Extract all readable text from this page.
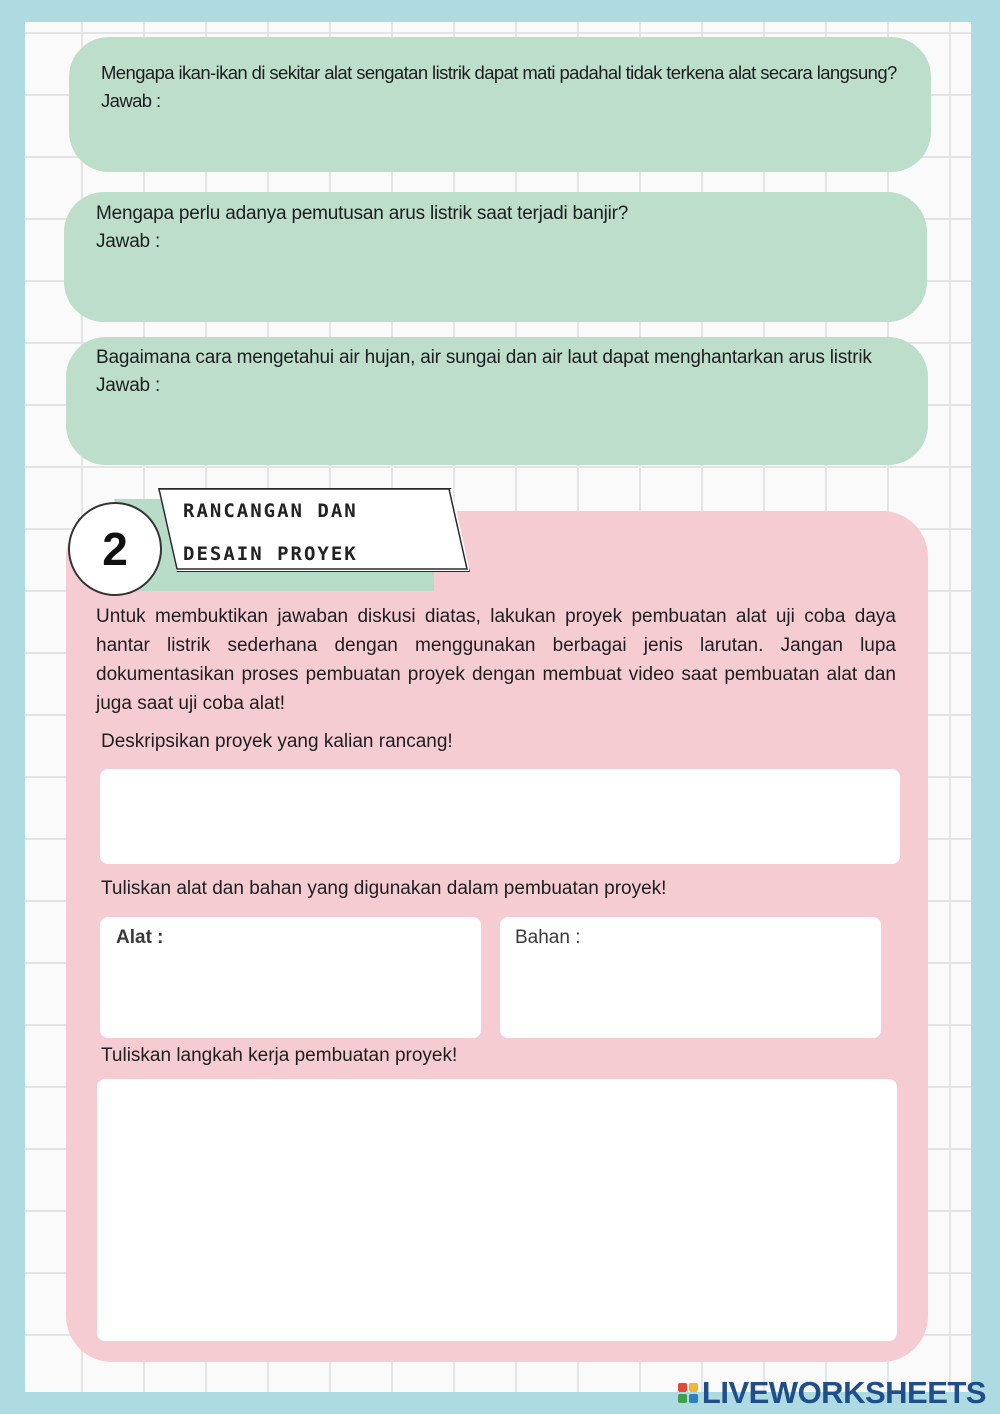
Mengapa ikan-ikan di sekitar alat sengatan listrik dapat mati padahal tidak terkena alat secara langsung?
Jawab :
Mengapa perlu adanya pemutusan arus listrik saat terjadi banjir?
Jawab :
Bagaimana cara mengetahui air hujan, air sungai dan air laut dapat menghantarkan arus listrik
Jawab :
RANCANGAN DAN
DESAIN PROYEK
2
Untuk membuktikan jawaban diskusi diatas, lakukan proyek pembuatan alat uji coba daya hantar listrik sederhana dengan menggunakan berbagai jenis larutan. Jangan lupa dokumentasikan proses pembuatan proyek dengan membuat video saat pembuatan alat dan juga saat uji coba alat!
Deskripsikan proyek yang kalian rancang!
Tuliskan alat dan bahan yang digunakan dalam pembuatan proyek!
Alat :	Bahan :
Tuliskan langkah kerja pembuatan proyek!
LIVEWORKSHEETS
